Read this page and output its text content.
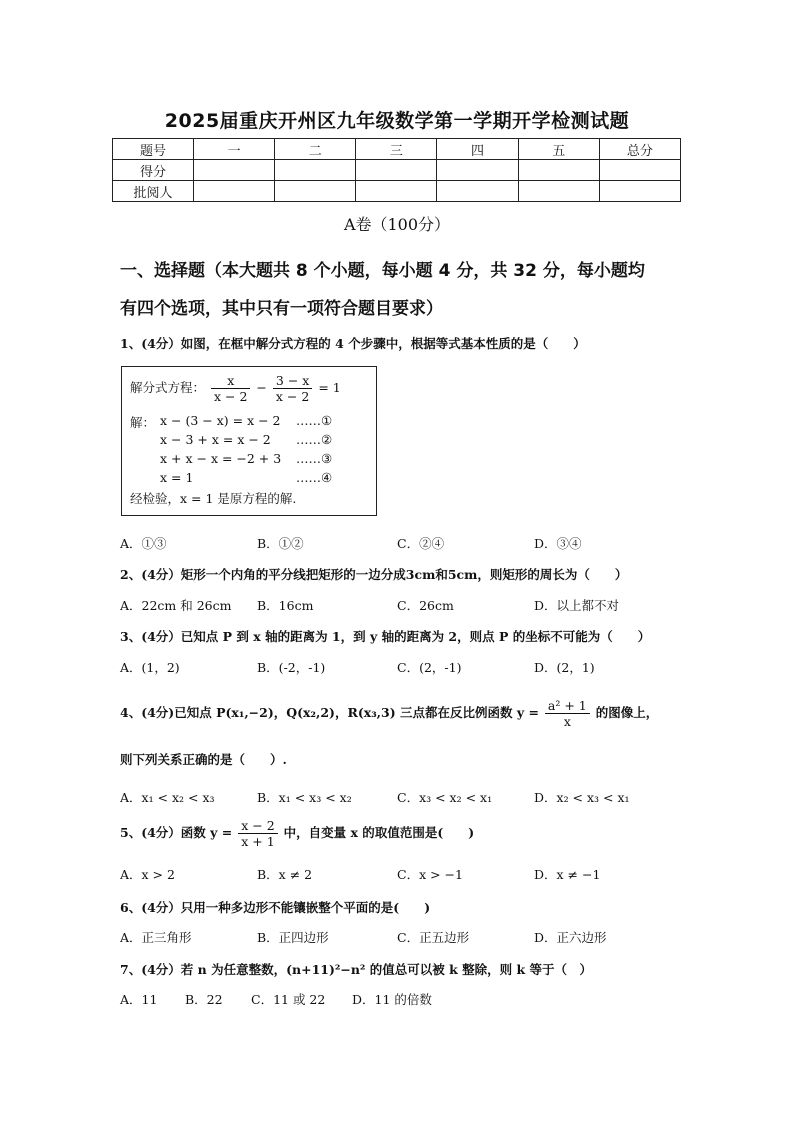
2025届重庆开州区九年级数学第一学期开学检测试题
题号	一	二	三	四	五	总分
得分						
批阅人						
A卷（100分）
一、选择题（本大题共 8 个小题，每小题 4 分，共 32 分，每小题均
有四个选项，其中只有一项符合题目要求）
1、(4分）如图，在框中解分式方程的 4 个步骤中，根据等式基本性质的是（　　）
解分式方程： $\frac{x}{x - 2} - \frac{3 - x}{x - 2} = 1$
解： x − (3 − x) = x − 2 ……①
x − 3 + x = x − 2 ……②
x + x − x = −2 + 3 ……③
x = 1	……④
经检验，x = 1 是原方程的解.
A．①③	B．①②	C．②④	D．③④
2、(4分）矩形一个内角的平分线把矩形的一边分成3cm和5cm，则矩形的周长为（　　）
A．22cm 和 26cm B．16cm	C．26cm	D．以上都不对
3、(4分）已知点 P 到 x 轴的距离为 1，到 y 轴的距离为 2，则点 P 的坐标不可能为（　　）
A．(1，2)	B．(-2，-1)	C．(2，-1)	D．(2，1)
4、(4分)已知点 P(x₁,−2)，Q(x₂,2)，R(x₃,3) 三点都在反比例函数 $y = \frac{\text{a² + 1}}{x}$ 的图像上，
则下列关系正确的是（　　）.
A．x₁ < x₂ < x₃	B．x₁ < x₃ < x₂	C．x₃ < x₂ < x₁	D．x₂ < x₃ < x₁
5、(4分）函数 $y = \frac{x - 2}{x + 1}$ 中，自变量 x 的取值范围是(　　)
A．x > 2	B．x ≠ 2	C．x > −1	D．x ≠ −1
6、(4分）只用一种多边形不能镶嵌整个平面的是(　　)
A．正三角形	B．正四边形	C．正五边形	D．正六边形
7、(4分）若 n 为任意整数，(n+11)²−n² 的值总可以被 k 整除，则 k 等于（　）
A．11 B．22 C．11 或 22 D．11 的倍数
